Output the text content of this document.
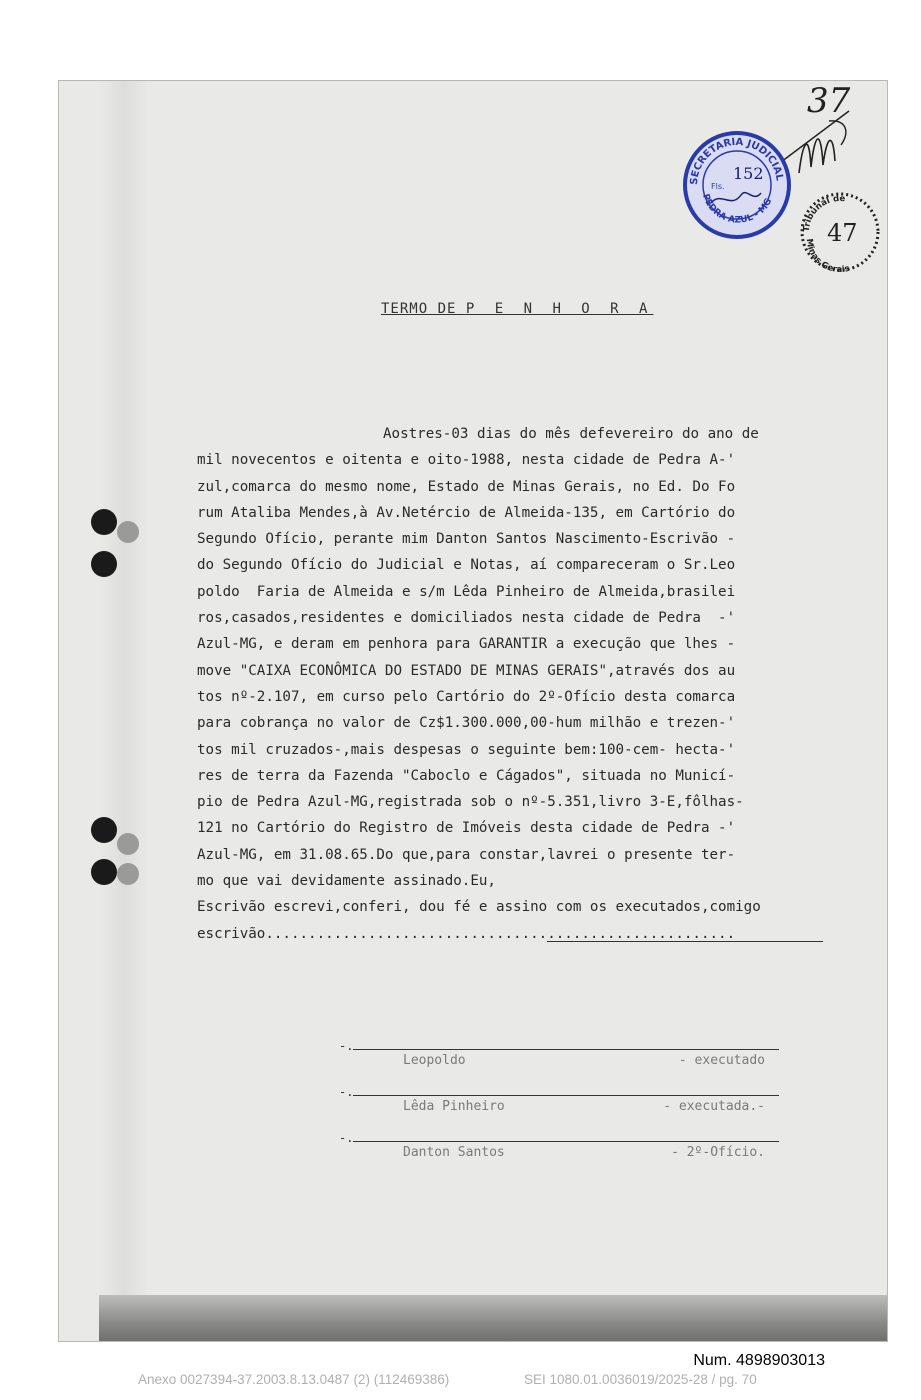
37
SECRETARIA JUDICIAL
PEDRA AZUL - MG
Fls.
152
Tribunal de
Minas Gerais
47
TERMO DE P E N H O R A
Aostres-03 dias do mês defevereiro do ano de
mil novecentos e oitenta e oito-1988, nesta cidade de Pedra A-'
zul,comarca do mesmo nome, Estado de Minas Gerais, no Ed. Do Fo
rum Ataliba Mendes,à Av.Netércio de Almeida-135, em Cartório do
Segundo Ofício, perante mim Danton Santos Nascimento-Escrivão -
do Segundo Ofício do Judicial e Notas, aí compareceram o Sr.Leo
poldo  Faria de Almeida e s/m Lêda Pinheiro de Almeida,brasilei
ros,casados,residentes e domiciliados nesta cidade de Pedra  -'
Azul-MG, e deram em penhora para GARANTIR a execução que lhes -
move "CAIXA ECONÔMICA DO ESTADO DE MINAS GERAIS",através dos au
tos nº-2.107, em curso pelo Cartório do 2º-Ofício desta comarca
para cobrança no valor de Cz$1.300.000,00-hum milhão e trezen-'
tos mil cruzados-,mais despesas o seguinte bem:100-cem- hecta-'
res de terra da Fazenda "Caboclo e Cágados", situada no Municí-
pio de Pedra Azul-MG,registrada sob o nº-5.351,livro 3-E,fôlhas-
121 no Cartório do Registro de Imóveis desta cidade de Pedra -'
Azul-MG, em 31.08.65.Do que,para constar,lavrei o presente ter-
mo que vai devidamente assinado.Eu,
Escrivão escrevi,conferi, dou fé e assino com os executados,comigo
escrivão.......................................................
-.
Leopoldo	- executado
-.
Lêda Pinheiro	- executada.-
-.
Danton Santos	- 2º-Ofício.
Num. 4898903013
Anexo 0027394-37.2003.8.13.0487 (2) (112469386)	SEI 1080.01.0036019/2025-28 / pg. 70
